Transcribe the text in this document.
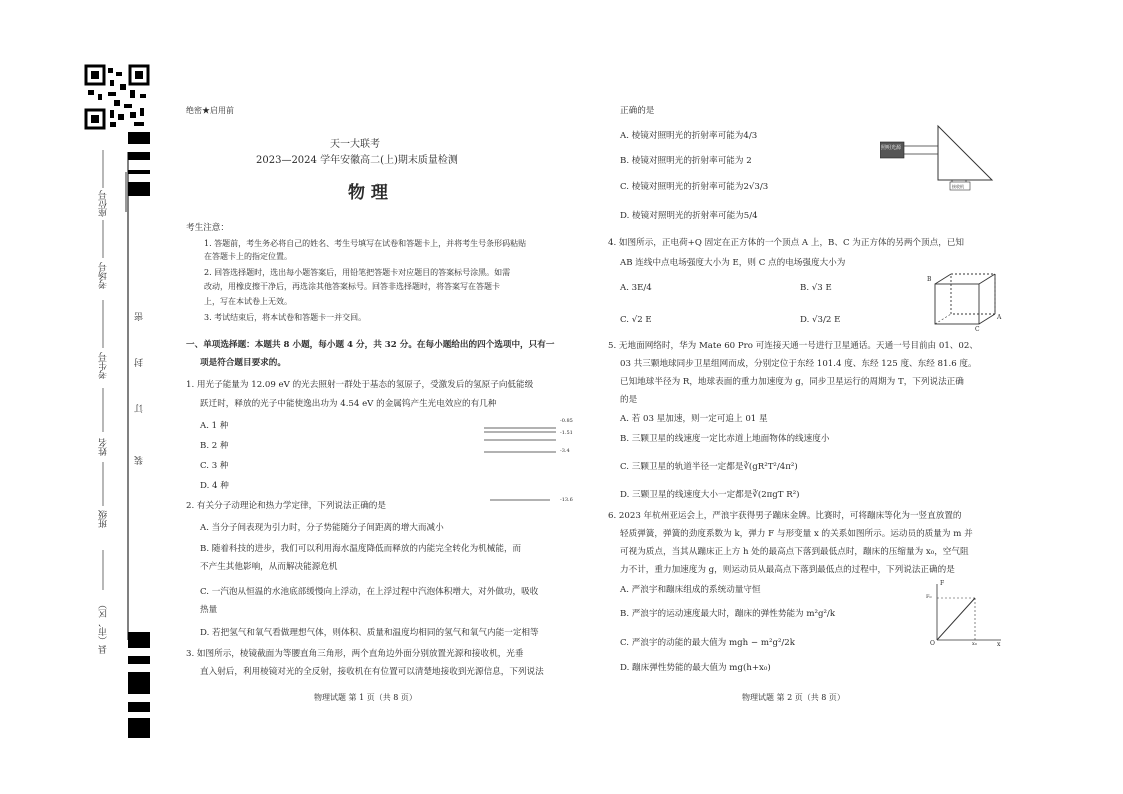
座位号
考场号
考生号
姓名
班级
县（市、区）
密
封
订
装
绝密★启用前
天一大联考
2023—2024 学年安徽高二(上)期末质量检测
物 理
考生注意：
1. 答题前，考生务必将自己的姓名、考生号填写在试卷和答题卡上，并将考生号条形码粘贴
在答题卡上的指定位置。
2. 回答选择题时，选出每小题答案后，用铅笔把答题卡对应题目的答案标号涂黑。如需
改动，用橡皮擦干净后，再选涂其他答案标号。回答非选择题时，将答案写在答题卡
上，写在本试卷上无效。
3. 考试结束后，将本试卷和答题卡一并交回。
一、单项选择题：本题共 8 小题，每小题 4 分，共 32 分。在每小题给出的四个选项中，只有一
项是符合题目要求的。
1. 用光子能量为 12.09 eV 的光去照射一群处于基态的氢原子，受激发后的氢原子向低能级
跃迁时，释放的光子中能使逸出功为 4.54 eV 的金属钨产生光电效应的有几种
A. 1 种
B. 2 种
C. 3 种
D. 4 种
-0.85
-1.51
-3.4
-13.6
2. 有关分子动理论和热力学定律，下列说法正确的是
A. 当分子间表现为引力时，分子势能随分子间距离的增大而减小
B. 随着科技的进步，我们可以利用海水温度降低而释放的内能完全转化为机械能，而
不产生其他影响，从而解决能源危机
C. 一汽泡从恒温的水池底部缓慢向上浮动，在上浮过程中汽泡体积增大，对外做功，吸收
热量
D. 若把氢气和氧气看做理想气体，则体积、质量和温度均相同的氢气和氧气内能一定相等
3. 如图所示，棱镜截面为等腰直角三角形，两个直角边外面分别放置光源和接收机，光垂
直入射后，利用棱镜对光的全反射，接收机在有位置可以清楚地接收到光源信息，下列说法
物理试题 第 1 页（共 8 页）
正确的是
A. 棱镜对照明光的折射率可能为4/3
B. 棱镜对照明光的折射率可能为 2
C. 棱镜对照明光的折射率可能为2√3/3
D. 棱镜对照明光的折射率可能为5/4
照明光源
接收机
4. 如图所示，正电荷+Q 固定在正方体的一个顶点 A 上，B、C 为正方体的另两个顶点，已知
AB 连线中点电场强度大小为 E，则 C 点的电场强度大小为
A. 3E/4	B. √3 E
C. √2 E	D. √3/2 E
B
C
A
5. 无地面网络时，华为 Mate 60 Pro 可连接天通一号进行卫星通话。天通一号目前由 01、02、
03 共三颗地球同步卫星组网而成，分别定位于东经 101.4 度、东经 125 度、东经 81.6 度。
已知地球半径为 R，地球表面的重力加速度为 g，同步卫星运行的周期为 T，下列说法正确
的是
A. 若 03 星加速，则一定可追上 01 星
B. 三颗卫星的线速度一定比赤道上地面物体的线速度小
C. 三颗卫星的轨道半径一定都是∛(gR²T²/4π²)
D. 三颗卫星的线速度大小一定都是∛(2πgT R²)
6. 2023 年杭州亚运会上，严浪宇获得男子蹦床金牌。比赛时，可将蹦床等化为一竖直放置的
轻质弹簧，弹簧的劲度系数为 k，弹力 F 与形变量 x 的关系如图所示。运动员的质量为 m 并
可视为质点，当其从蹦床正上方 h 处的最高点下落到最低点时，蹦床的压缩量为 x₀，空气阻
力不计，重力加速度为 g，则运动员从最高点下落到最低点的过程中，下列说法正确的是
A. 严浪宇和蹦床组成的系统动量守恒
B. 严浪宇的运动速度最大时，蹦床的弹性势能为 m²g²/k
C. 严浪宇的动能的最大值为 mgh − m²g²/2k
D. 蹦床弹性势能的最大值为 mg(h+x₀)
F
F₀
O	x₀	x
物理试题 第 2 页（共 8 页）
